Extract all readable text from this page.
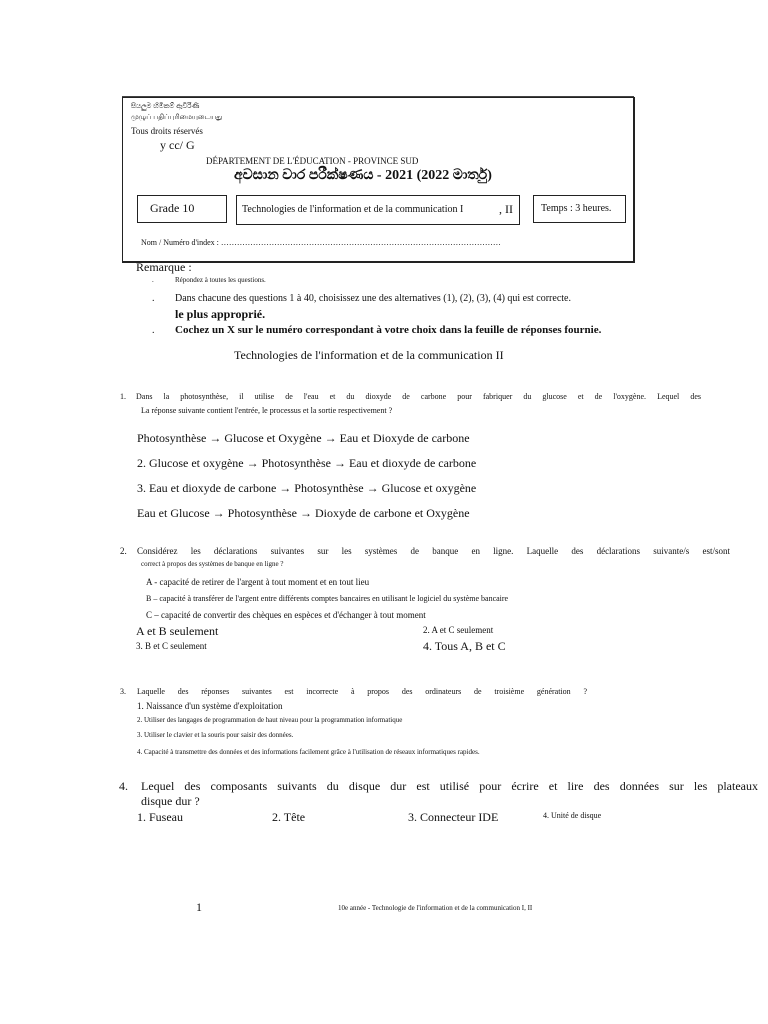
සියලුම හිමිකම් ඇවිරිණි
முழுப் பதிப்புரிமையுடையது
Tous droits réservés
y cc/ G
DÉPARTEMENT DE L'ÉDUCATION - PROVINCE SUD
අවසාන වාර පරීක්ෂණය - 2021 (2022 මාර්තු)
Grade 10	Technologies de l'information et de la communication I	, II	Temps : 3 heures.
Nom / Numéro d'index : ……………………………………………………………………………………………
Remarque :
.	Répondez à toutes les questions.
. Dans chacune des questions 1 à 40, choisissez une des alternatives (1), (2), (3), (4) qui est correcte.
le plus approprié.
. Cochez un X sur le numéro correspondant à votre choix dans la feuille de réponses fournie.
Technologies de l'information et de la communication II
1. Dans la photosynthèse, il utilise de l'eau et du dioxyde de carbone pour fabriquer du glucose et de l'oxygène. Lequel des
La réponse suivante contient l'entrée, le processus et la sortie respectivement ?
Photosynthèse → Glucose et Oxygène → Eau et Dioxyde de carbone
2. Glucose et oxygène → Photosynthèse → Eau et dioxyde de carbone
3. Eau et dioxyde de carbone → Photosynthèse → Glucose et oxygène
Eau et Glucose → Photosynthèse → Dioxyde de carbone et Oxygène
2. Considérez les déclarations suivantes sur les systèmes de banque en ligne. Laquelle des déclarations suivante/s est/sont
correct à propos des systèmes de banque en ligne ?
A - capacité de retirer de l'argent à tout moment et en tout lieu
B – capacité à transférer de l'argent entre différents comptes bancaires en utilisant le logiciel du système bancaire
C – capacité de convertir des chèques en espèces et d'échanger à tout moment
A et B seulement	2. A et C seulement
3. B et C seulement	4. Tous A, B et C
3. Laquelle des réponses suivantes est incorrecte à propos des ordinateurs de troisième génération ?
1. Naissance d'un système d'exploitation
2. Utiliser des langages de programmation de haut niveau pour la programmation informatique
3. Utiliser le clavier et la souris pour saisir des données.
4. Capacité à transmettre des données et des informations facilement grâce à l'utilisation de réseaux informatiques rapides.
4. Lequel des composants suivants du disque dur est utilisé pour écrire et lire des données sur les plateaux
disque dur ?
1. Fuseau	2. Tête	3. Connecteur IDE	4. Unité de disque
1	10e année - Technologie de l'information et de la communication I, II
